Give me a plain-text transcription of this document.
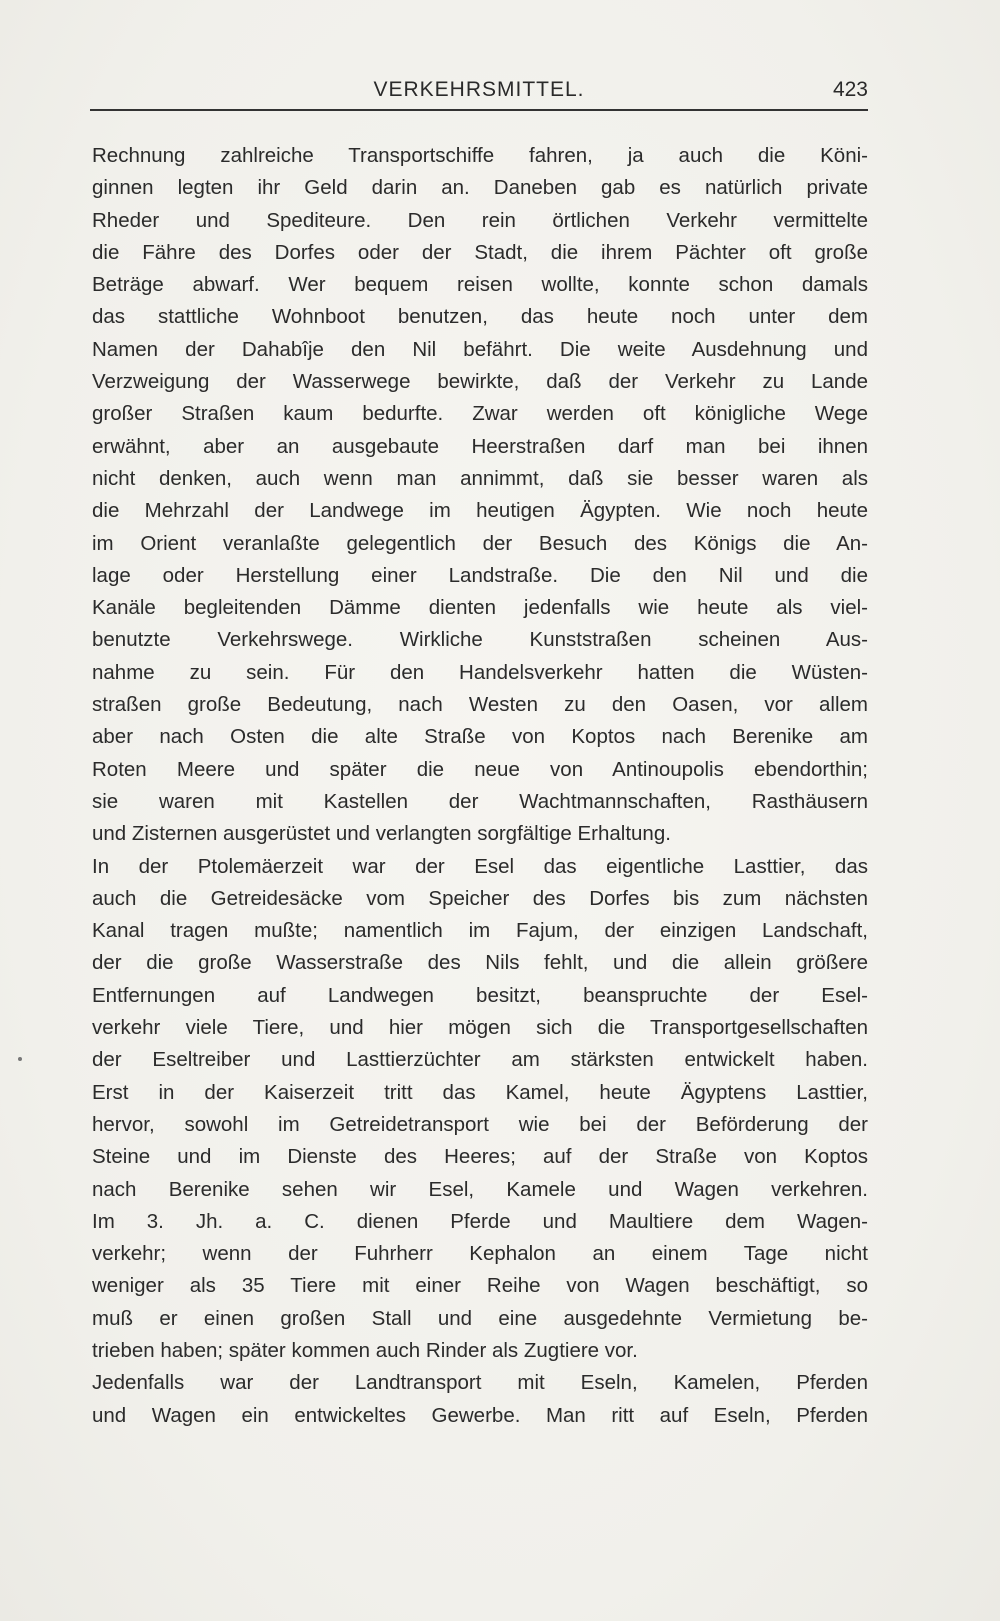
VERKEHRSMITTEL.	423
Rechnung zahlreiche Transportschiffe fahren, ja auch die Köni-
ginnen legten ihr Geld darin an. Daneben gab es natürlich private
Rheder und Spediteure. Den rein örtlichen Verkehr vermittelte
die Fähre des Dorfes oder der Stadt, die ihrem Pächter oft große
Beträge abwarf. Wer bequem reisen wollte, konnte schon damals
das stattliche Wohnboot benutzen, das heute noch unter dem
Namen der Dahabîje den Nil befährt. Die weite Ausdehnung und
Verzweigung der Wasserwege bewirkte, daß der Verkehr zu Lande
großer Straßen kaum bedurfte. Zwar werden oft königliche Wege
erwähnt, aber an ausgebaute Heerstraßen darf man bei ihnen
nicht denken, auch wenn man annimmt, daß sie besser waren als
die Mehrzahl der Landwege im heutigen Ägypten. Wie noch heute
im Orient veranlaßte gelegentlich der Besuch des Königs die An-
lage oder Herstellung einer Landstraße. Die den Nil und die
Kanäle begleitenden Dämme dienten jedenfalls wie heute als viel-
benutzte Verkehrswege. Wirkliche Kunststraßen scheinen Aus-
nahme zu sein. Für den Handelsverkehr hatten die Wüsten-
straßen große Bedeutung, nach Westen zu den Oasen, vor allem
aber nach Osten die alte Straße von Koptos nach Berenike am
Roten Meere und später die neue von Antinoupolis ebendorthin;
sie waren mit Kastellen der Wachtmannschaften, Rasthäusern
und Zisternen ausgerüstet und verlangten sorgfältige Erhaltung.
In der Ptolemäerzeit war der Esel das eigentliche Lasttier, das
auch die Getreidesäcke vom Speicher des Dorfes bis zum nächsten
Kanal tragen mußte; namentlich im Fajum, der einzigen Landschaft,
der die große Wasserstraße des Nils fehlt, und die allein größere
Entfernungen auf Landwegen besitzt, beanspruchte der Esel-
verkehr viele Tiere, und hier mögen sich die Transportgesellschaften
der Eseltreiber und Lasttierzüchter am stärksten entwickelt haben.
Erst in der Kaiserzeit tritt das Kamel, heute Ägyptens Lasttier,
hervor, sowohl im Getreidetransport wie bei der Beförderung der
Steine und im Dienste des Heeres; auf der Straße von Koptos
nach Berenike sehen wir Esel, Kamele und Wagen verkehren.
Im 3. Jh. a. C. dienen Pferde und Maultiere dem Wagen-
verkehr; wenn der Fuhrherr Kephalon an einem Tage nicht
weniger als 35 Tiere mit einer Reihe von Wagen beschäftigt, so
muß er einen großen Stall und eine ausgedehnte Vermietung be-
trieben haben; später kommen auch Rinder als Zugtiere vor.
Jedenfalls war der Landtransport mit Eseln, Kamelen, Pferden
und Wagen ein entwickeltes Gewerbe. Man ritt auf Eseln, Pferden
